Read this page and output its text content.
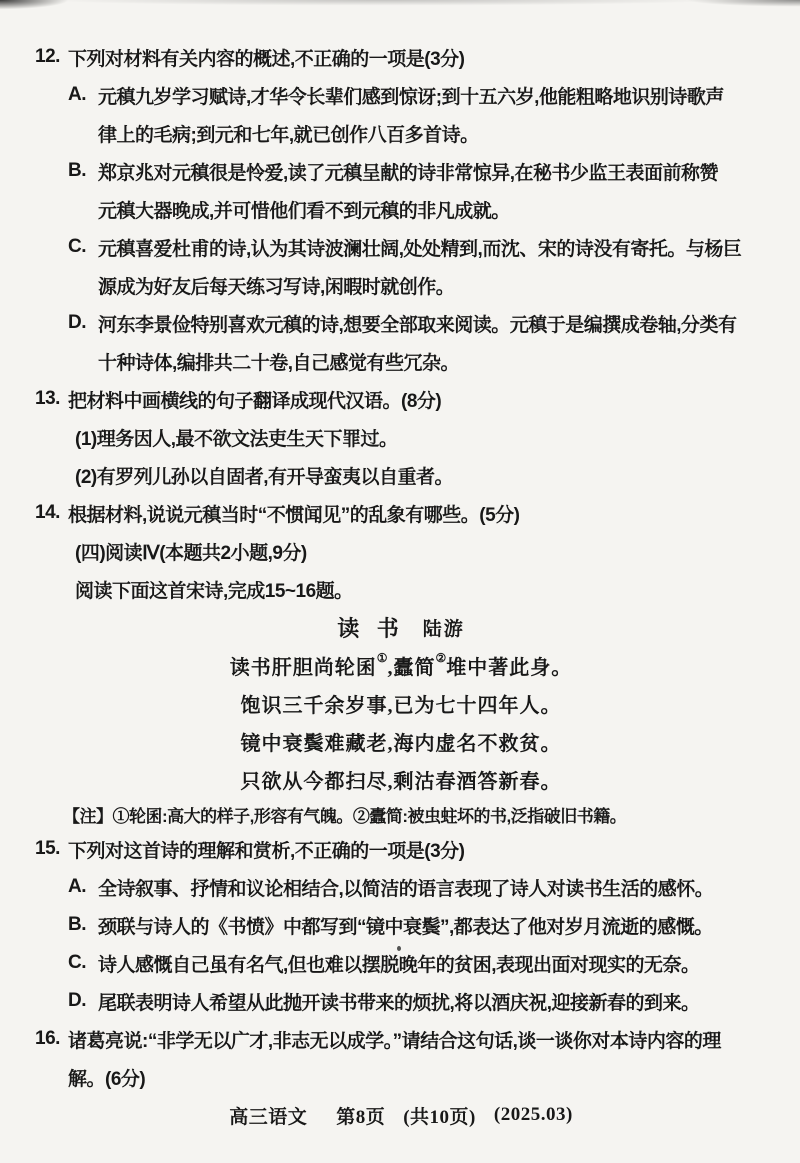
12. 下列对材料有关内容的概述,不正确的一项是(3分)
A. 元稹九岁学习赋诗,才华令长辈们感到惊讶;到十五六岁,他能粗略地识别诗歌声
律上的毛病;到元和七年,就已创作八百多首诗。
B. 郑京兆对元稹很是怜爱,读了元稹呈献的诗非常惊异,在秘书少监王表面前称赞
元稹大器晚成,并可惜他们看不到元稹的非凡成就。
C. 元稹喜爱杜甫的诗,认为其诗波澜壮阔,处处精到,而沈、宋的诗没有寄托。与杨巨
源成为好友后每天练习写诗,闲暇时就创作。
D. 河东李景俭特别喜欢元稹的诗,想要全部取来阅读。元稹于是编撰成卷轴,分类有
十种诗体,编排共二十卷,自己感觉有些冗杂。
13. 把材料中画横线的句子翻译成现代汉语。(8分)
(1)理务因人,最不欲文法吏生天下罪过。
(2)有罗列儿孙以自固者,有开导蛮夷以自重者。
14. 根据材料,说说元稹当时“不惯闻见”的乱象有哪些。(5分)
(四)阅读Ⅳ(本题共2小题,9分)
阅读下面这首宋诗,完成15~16题。
读 书 陆游
读书肝胆尚轮囷 ① ,蠹简 ② 堆中著此身。
饱识三千余岁事,已为七十四年人。
镜中衰鬓难藏老,海内虚名不救贫。
只欲从今都扫尽,剩沽春酒答新春。
【注】①轮囷:高大的样子,形容有气魄。②蠹简:被虫蛀坏的书,泛指破旧书籍。
15. 下列对这首诗的理解和赏析,不正确的一项是(3分)
A. 全诗叙事、抒情和议论相结合,以简洁的语言表现了诗人对读书生活的感怀。
B. 颈联与诗人的《书愤》中都写到“镜中衰鬓”,都表达了他对岁月流逝的感慨。
C. 诗人感慨自己虽有名气,但也难以摆脱晚年的贫困,表现出面对现实的无奈。
D. 尾联表明诗人希望从此抛开读书带来的烦扰,将以酒庆祝,迎接新春的到来。
16. 诸葛亮说:“非学无以广才,非志无以成学。”请结合这句话,谈一谈你对本诗内容的理
解。(6分)
高三语文 第8页 (共10页) (2025.03)
